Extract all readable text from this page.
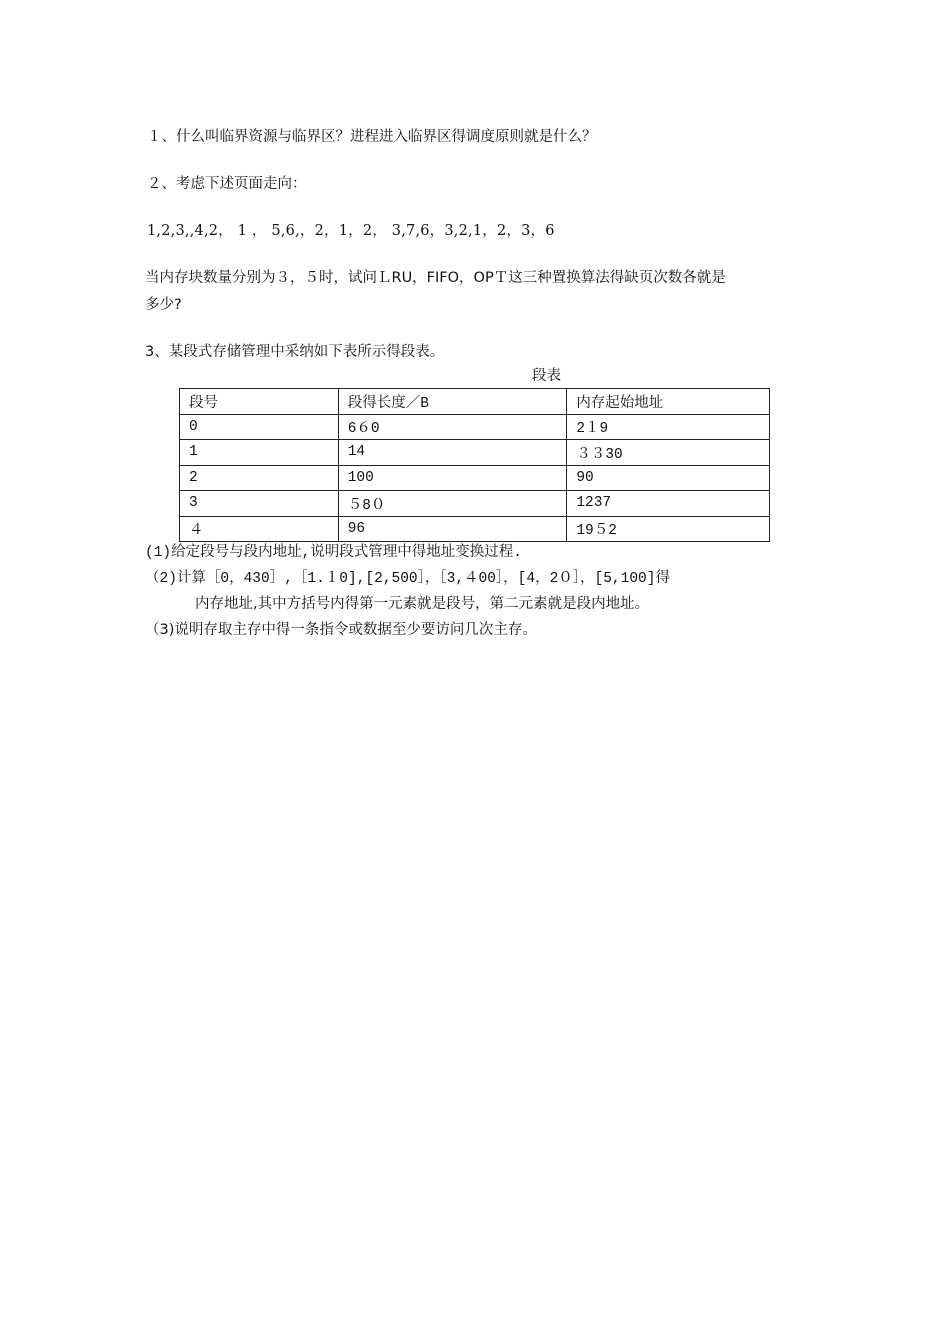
１、什么叫临界资源与临界区？进程进入临界区得调度原则就是什么？
２、考虑下述页面走向：
1,2,3,,4,2， 1 ， 5,6,，2，1，2， 3,7,6，3,2,1，2，3，6
当内存块数量分别为３，５时，试问ＬRU，FIFO，OPＴ这三种置换算法得缺页次数各就是
多少?
3、某段式存储管理中采纳如下表所示得段表。
段表
段号	段得长度／B	内存起始地址
0	6６0	2１9
1	14	３３30
2	100	90
3	５8０	1237
４	96	19５2
(1)给定段号与段内地址,说明段式管理中得地址变换过程.
（2)计算［0，430］,［1.１0],[2,500］，［3,４00］，[4，2０］，[5,100]得
内存地址,其中方括号内得第一元素就是段号，第二元素就是段内地址。
（3)说明存取主存中得一条指令或数据至少要访问几次主存。
